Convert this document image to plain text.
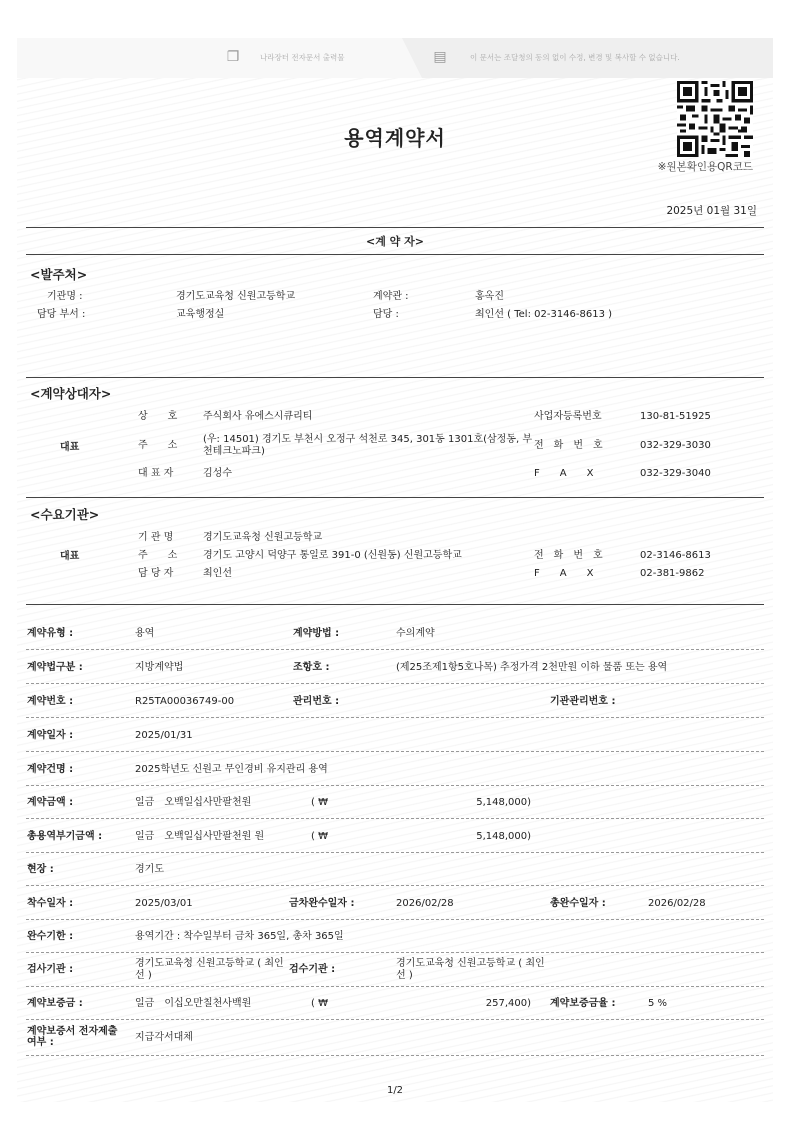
❐	나라장터 전자문서 출력물	▤	이 문서는 조달청의 동의 없이 수정, 변경 및 복사할 수 없습니다.
용역계약서
※원본확인용QR코드
2025년 01월 31일
<계 약 자>
<발주처>
기관명 :	경기도교육청 신원고등학교	계약관 :	홍옥진
담당 부서 :	교육행정실	담당 :	최인선 ( Tel: 02-3146-8613 )
<계약상대자>
대표
상　　호	주식회사 유에스시큐리티
주　　소
(우: 14501) 경기도 부천시 오정구 석천로 345, 301동 1301호(삼정동, 부천테크노파크)
대 표 자	김성수
사업자등록번호	130-81-51925
전　화　번　호	032-329-3030
F　　A　　X	032-329-3040
<수요기관>
대표
기 관 명	경기도교육청 신원고등학교
주　　소	경기도 고양시 덕양구 통일로 391-0 (신원동) 신원고등학교
담 당 자	최인선
전　화　번　호	02-3146-8613
F　　A　　X	02-381-9862
계약유형 :	용역	계약방법 :	수의계약
계약법구분 :	지방계약법	조항호 :	(제25조제1항5호나목) 추정가격 2천만원 이하 물품 또는 용역
계약번호 :	R25TA00036749-00	관리번호 :	기관관리번호 :
계약일자 :	2025/01/31
계약건명 :	2025학년도 신원고 무인경비 유지관리 용역
계약금액 :	일금　오백일십사만팔천원	( ₩	5,148,000)
총용역부기금액 :	일금　오백일십사만팔천원 원	( ₩	5,148,000)
현장 :	경기도
착수일자 :	2025/03/01	금차완수일자 :	2026/02/28	총완수일자 :	2026/02/28
완수기한 :	용역기간 : 착수일부터 금차 365일, 총차 365일
검사기관 :
경기도교육청 신원고등학교 ( 최인선 )
검수기관 :
경기도교육청 신원고등학교 ( 최인선 )
계약보증금 :	일금　이십오만칠천사백원	( ₩	257,400) 계약보증금율 :	5 %
계약보증서 전자제출여부 :	지급각서대체
1/2
